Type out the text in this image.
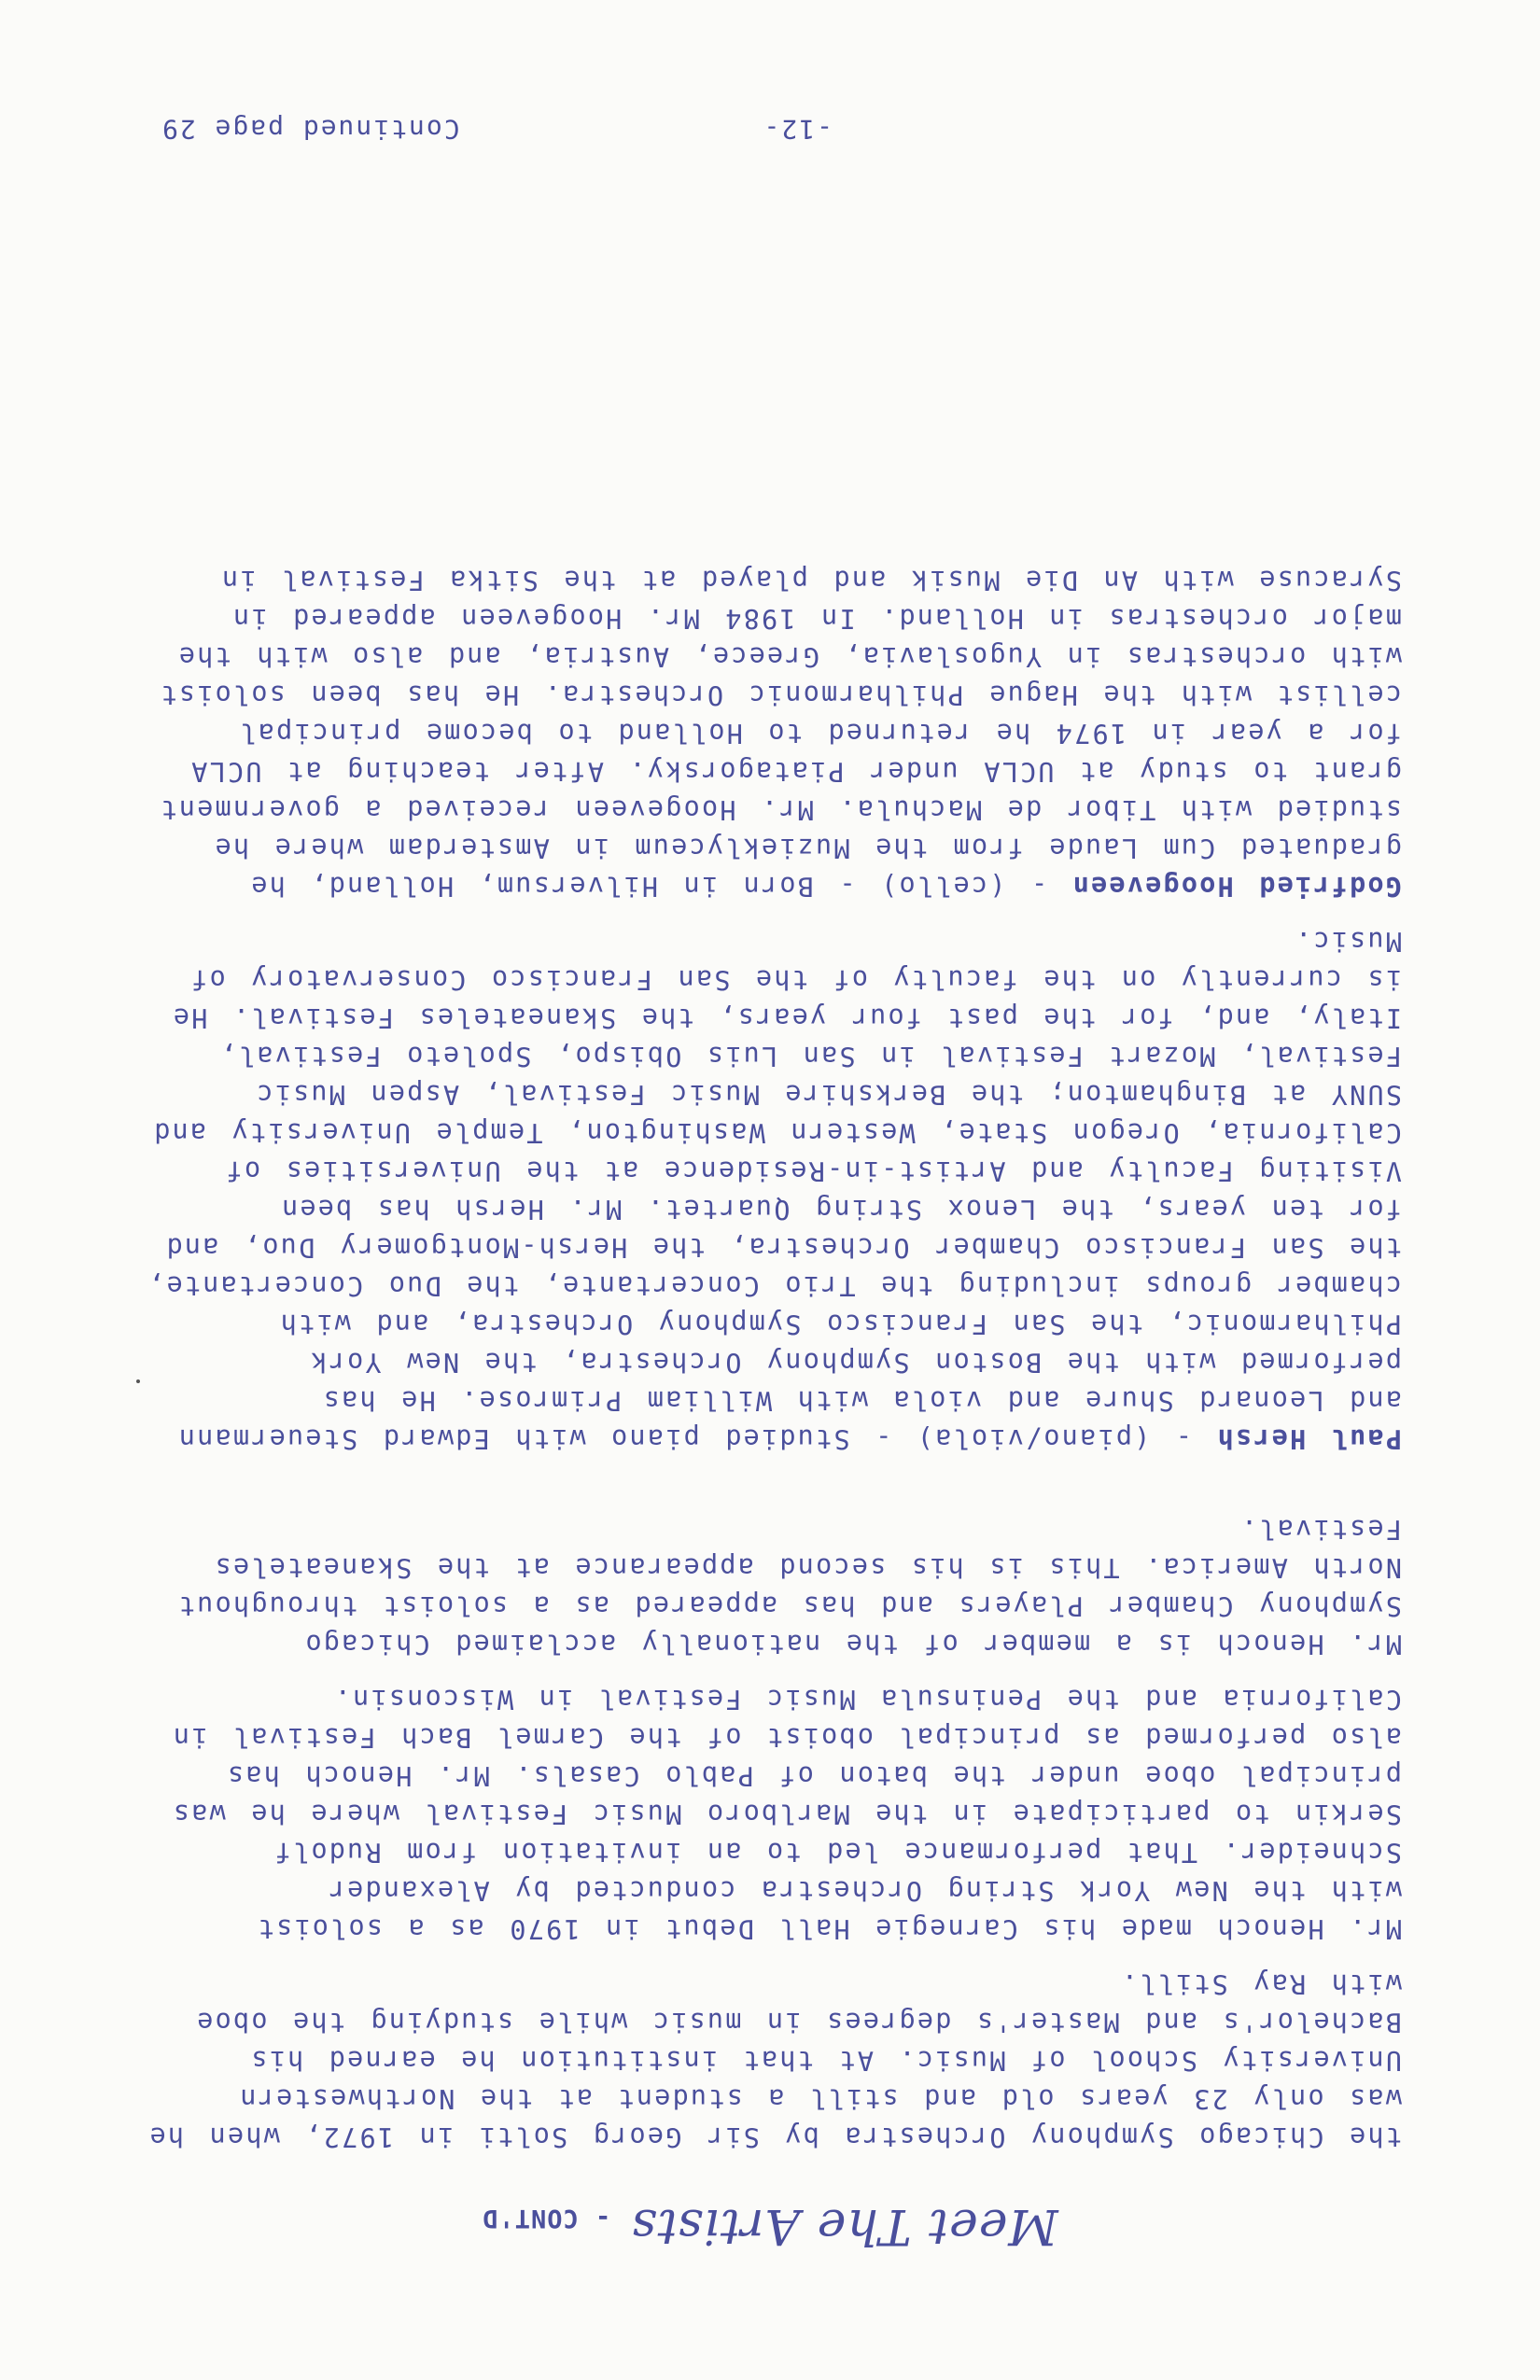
Meet The Artists - CONT'D
the Chicago Symphony Orchestra by Sir Georg Solti in 1972, when he
was only 23 years old and still a student at the Northwestern
University School of Music. At that institution he earned his
Bachelor's and Master's degrees in music while studying the oboe
with Ray Still.
Mr. Henoch made his Carnegie Hall Debut in 1970 as a soloist
with the New York String Orchestra conducted by Alexander
Schneider. That performance led to an invitation from Rudolf
Serkin to participate in the Marlboro Music Festival where he was
principal oboe under the baton of Pablo Casals. Mr. Henoch has
also performed as principal oboist of the Carmel Bach Festival in
California and the Peninsula Music Festival in Wisconsin.
Mr. Henoch is a member of the nationally acclaimed Chicago
Symphony Chamber Players and has appeared as a soloist throughout
North America. This is his second appearance at the Skaneateles
Festival.
Paul Hersh - (piano/viola) - Studied piano with Edward Steuermann
and Leonard Shure and viola with William Primrose. He has
performed with the Boston Symphony Orchestra, the New York
Philharmonic, the San Francisco Symphony Orchestra, and with
chamber groups including the Trio Concertante, the Duo Concertante,
the San Francisco Chamber Orchestra, the Hersh-Montgomery Duo, and
for ten years, the Lenox String Quartet. Mr. Hersh has been
Visiting Faculty and Artist-in-Residence at the Universities of
California, Oregon State, Western Washington, Temple University and
SUNY at Binghamton; the Berkshire Music Festival, Aspen Music
Festival, Mozart Festival in San Luis Obispo, Spoleto Festival,
Italy, and, for the past four years, the Skaneateles Festival. He
is currently on the faculty of the San Francisco Conservatory of
Music.
Godfried Hoogeveen - (cello) - Born in Hilversum, Holland, he
graduated Cum Laude from the Muzieklyceum in Amsterdam where he
studied with Tibor de Machula. Mr. Hoogeveen received a government
grant to study at UCLA under Piatagorsky. After teaching at UCLA
for a year in 1974 he returned to Holland to become principal
cellist with the Hague Philharmonic Orchestra. He has been soloist
with orchestras in Yugoslavia, Greece, Austria, and also with the
major orchestras in Holland. In 1984 Mr. Hoogeveen appeared in
Syracuse with An Die Musik and played at the Sitka Festival in
-12-
Continued page 29
